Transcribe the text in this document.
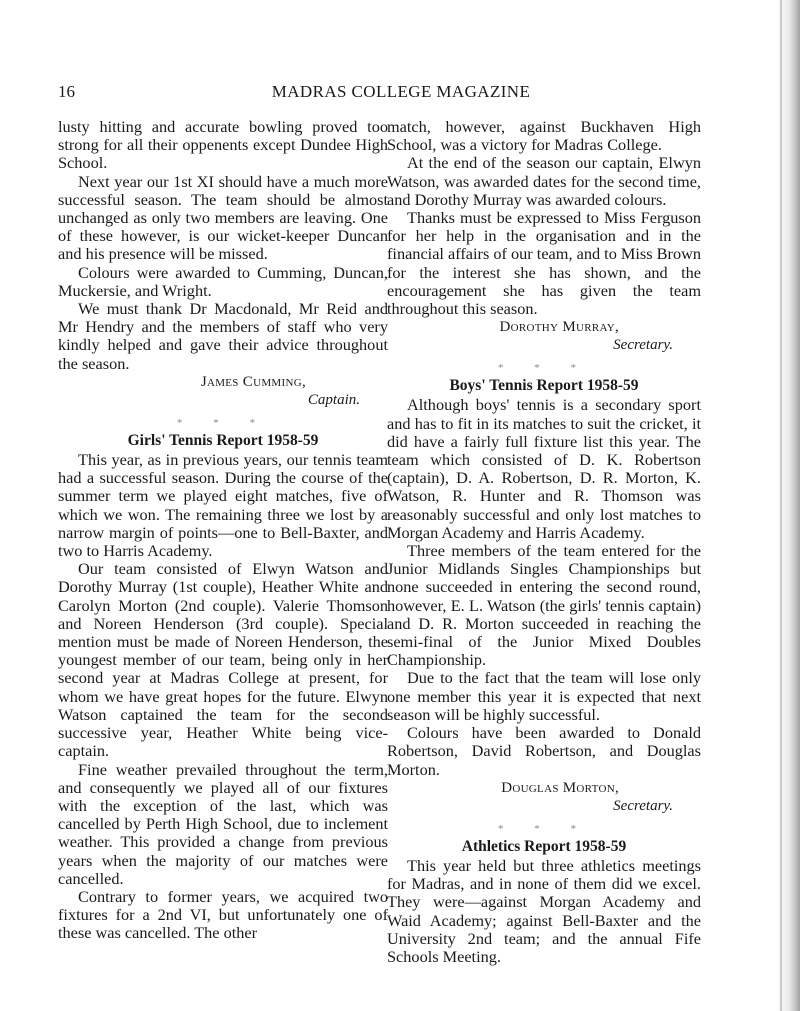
16	MADRAS COLLEGE MAGAZINE

lusty hitting and accurate bowling proved too strong for all their oppenents except Dundee High School.

Next year our 1st XI should have a much more successful season. The team should be almost unchanged as only two members are leaving. One of these however, is our wicket-keeper Duncan and his presence will be missed.

Colours were awarded to Cumming, Duncan, Muckersie, and Wright.

We must thank Dr Macdonald, Mr Reid and Mr Hendry and the members of staff who very kindly helped and gave their advice throughout the season.

James Cumming,
Captain.
* * *
Girls' Tennis Report 1958-59

This year, as in previous years, our tennis team had a successful season. During the course of the summer term we played eight matches, five of which we won. The remaining three we lost by a narrow margin of points—one to Bell-Baxter, and two to Harris Academy.

Our team consisted of Elwyn Watson and Dorothy Murray (1st couple), Heather White and Carolyn Morton (2nd couple). Valerie Thomson and Noreen Henderson (3rd couple). Special mention must be made of Noreen Henderson, the youngest member of our team, being only in her second year at Madras College at present, for whom we have great hopes for the future. Elwyn Watson captained the team for the second successive year, Heather White being vice-captain.

Fine weather prevailed throughout the term, and consequently we played all of our fixtures with the exception of the last, which was cancelled by Perth High School, due to inclement weather. This provided a change from previous years when the majority of our matches were cancelled.

Contrary to former years, we acquired two fixtures for a 2nd VI, but unfortunately one of these was cancelled. The other

match, however, against Buckhaven High School, was a victory for Madras College.

At the end of the season our captain, Elwyn Watson, was awarded dates for the second time, and Dorothy Murray was awarded colours.

Thanks must be expressed to Miss Ferguson for her help in the organisation and in the financial affairs of our team, and to Miss Brown for the interest she has shown, and the encouragement she has given the team throughout this season.

Dorothy Murray,
Secretary.
* * *
Boys' Tennis Report 1958-59

Although boys' tennis is a secondary sport and has to fit in its matches to suit the cricket, it did have a fairly full fixture list this year. The team which consisted of D. K. Robertson (captain), D. A. Robertson, D. R. Morton, K. Watson, R. Hunter and R. Thomson was reasonably successful and only lost matches to Morgan Academy and Harris Academy.

Three members of the team entered for the Junior Midlands Singles Championships but none succeeded in entering the second round, however, E. L. Watson (the girls' tennis captain) and D. R. Morton succeeded in reaching the semi-final of the Junior Mixed Doubles Championship.

Due to the fact that the team will lose only one member this year it is expected that next season will be highly successful.

Colours have been awarded to Donald Robertson, David Robertson, and Douglas Morton.

Douglas Morton,
Secretary.
* * *
Athletics Report 1958-59

This year held but three athletics meetings for Madras, and in none of them did we excel. They were—against Morgan Academy and Waid Academy; against Bell-Baxter and the University 2nd team; and the annual Fife Schools Meeting.
